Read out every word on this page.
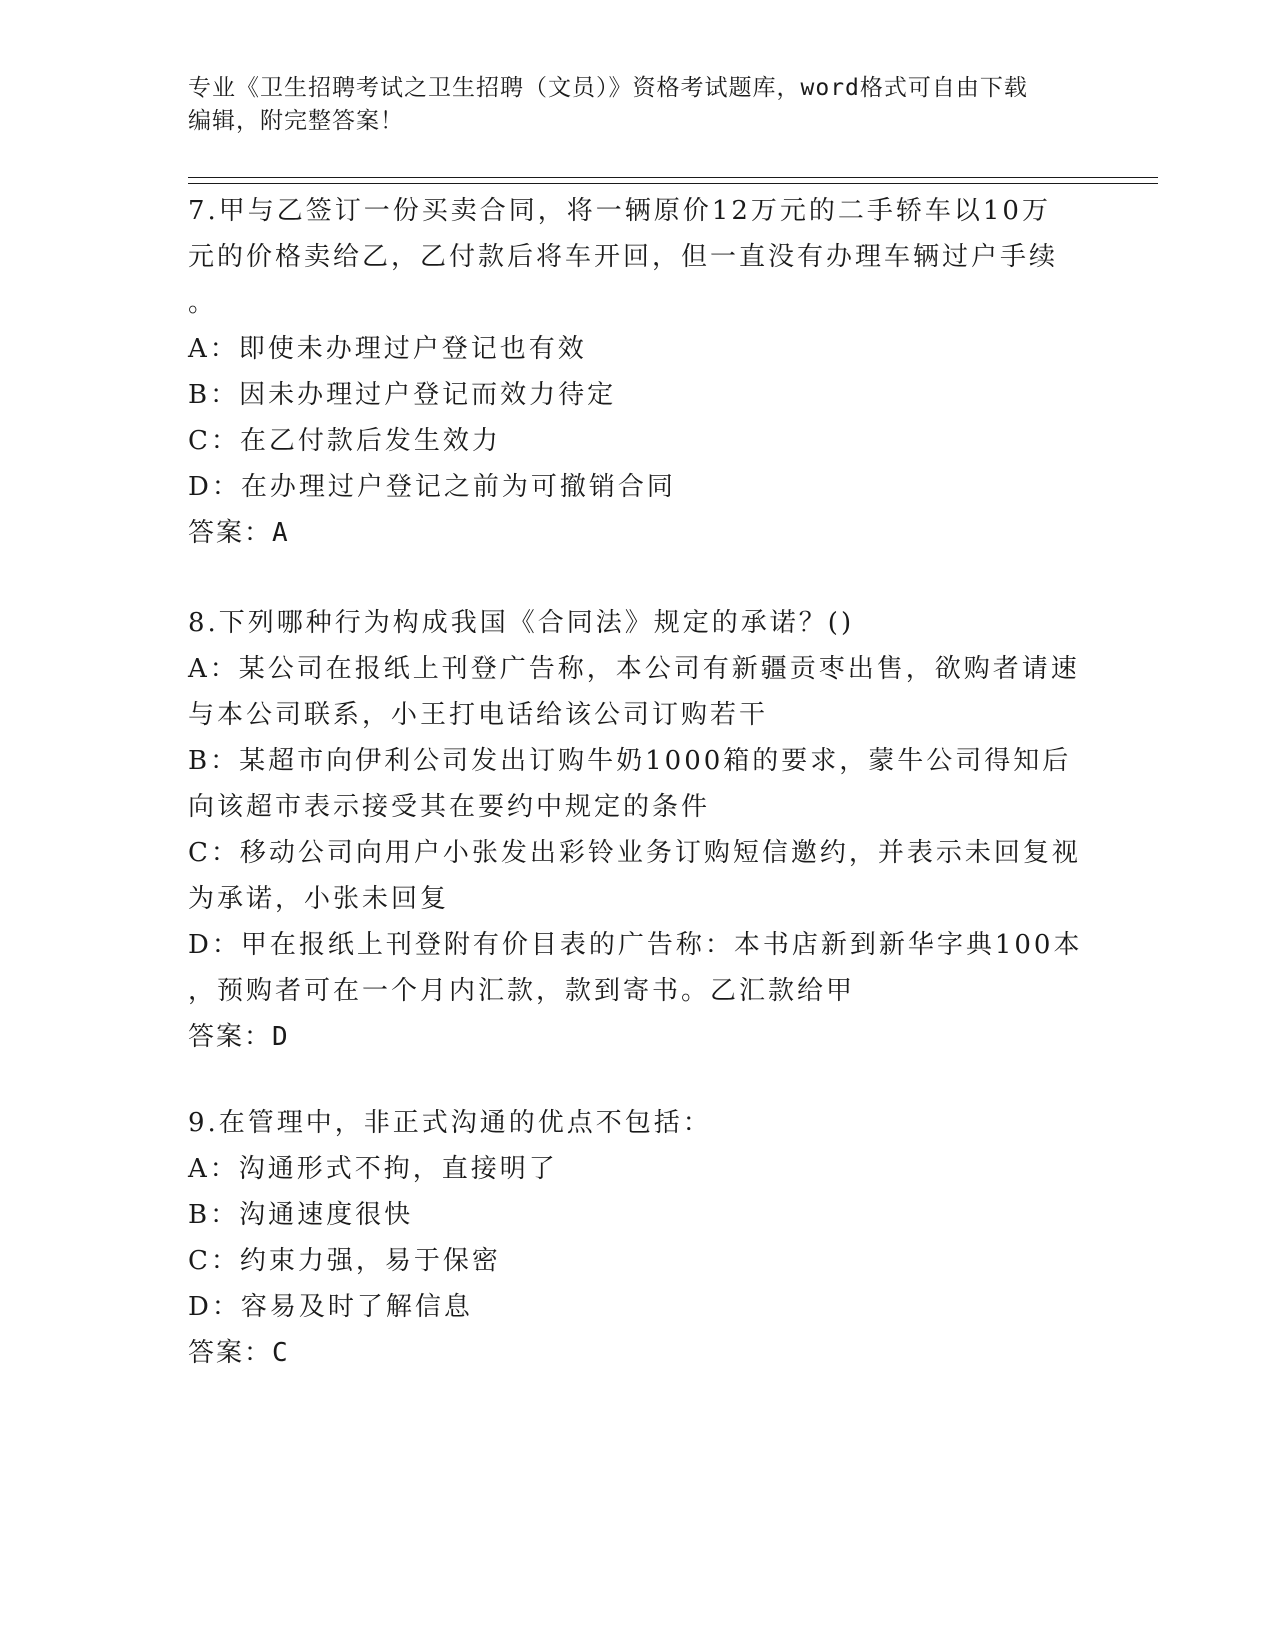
专业《卫生招聘考试之卫生招聘（文员）》资格考试题库，word格式可自由下载
编辑，附完整答案！
7.甲与乙签订一份买卖合同，将一辆原价12万元的二手轿车以10万
元的价格卖给乙，乙付款后将车开回，但一直没有办理车辆过户手续
。
A：即使未办理过户登记也有效
B：因未办理过户登记而效力待定
C：在乙付款后发生效力
D：在办理过户登记之前为可撤销合同
答案：A
8.下列哪种行为构成我国《合同法》规定的承诺？()
A：某公司在报纸上刊登广告称，本公司有新疆贡枣出售，欲购者请速
与本公司联系，小王打电话给该公司订购若干
B：某超市向伊利公司发出订购牛奶1000箱的要求，蒙牛公司得知后
向该超市表示接受其在要约中规定的条件
C：移动公司向用户小张发出彩铃业务订购短信邀约，并表示未回复视
为承诺，小张未回复
D：甲在报纸上刊登附有价目表的广告称：本书店新到新华字典100本
，预购者可在一个月内汇款，款到寄书。乙汇款给甲
答案：D
9.在管理中，非正式沟通的优点不包括：
A：沟通形式不拘，直接明了
B：沟通速度很快
C：约束力强，易于保密
D：容易及时了解信息
答案：C
